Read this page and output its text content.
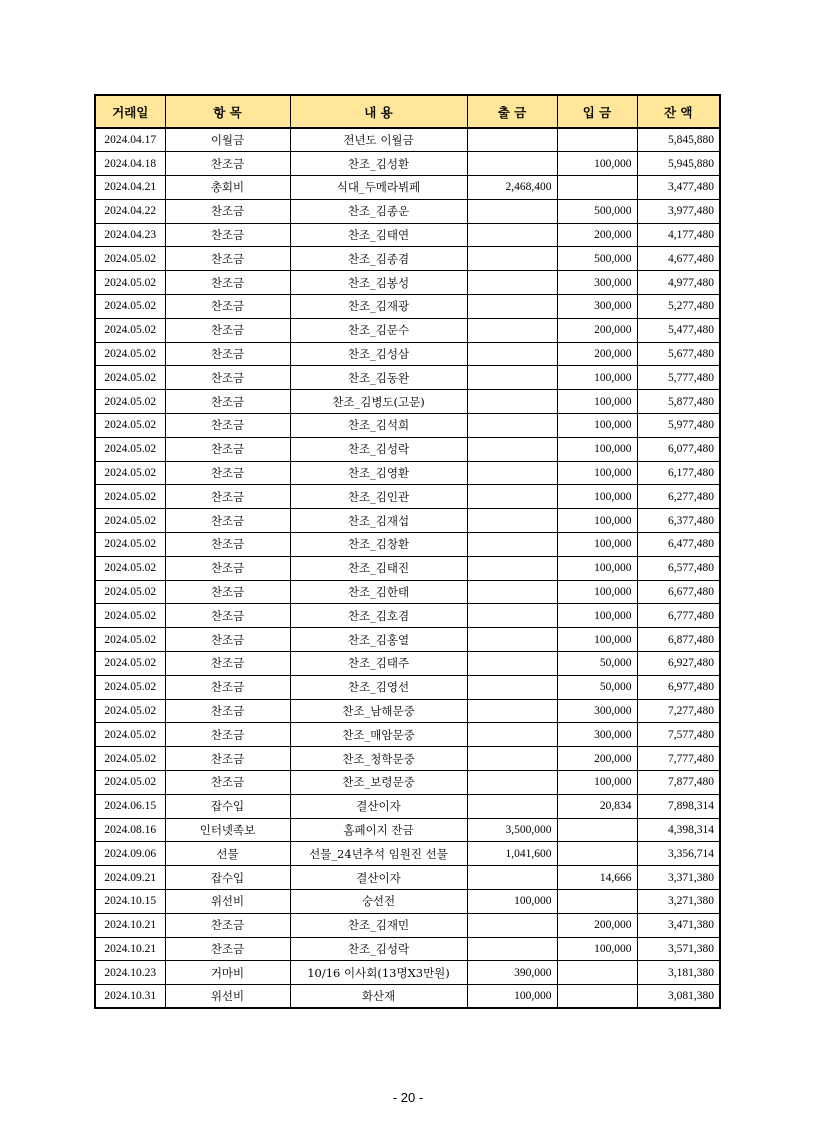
거래일	항 목	내 용	출 금	입 금	잔 액
2024.04.17	이월금	전년도 이월금			5,845,880
2024.04.18	찬조금	찬조_김성환		100,000	5,945,880
2024.04.21	총회비	식대_두메라뷔페	2,468,400		3,477,480
2024.04.22	찬조금	찬조_김종운		500,000	3,977,480
2024.04.23	찬조금	찬조_김태연		200,000	4,177,480
2024.05.02	찬조금	찬조_김종겸		500,000	4,677,480
2024.05.02	찬조금	찬조_김봉성		300,000	4,977,480
2024.05.02	찬조금	찬조_김재광		300,000	5,277,480
2024.05.02	찬조금	찬조_김문수		200,000	5,477,480
2024.05.02	찬조금	찬조_김성삼		200,000	5,677,480
2024.05.02	찬조금	찬조_김동완		100,000	5,777,480
2024.05.02	찬조금	찬조_김병도(고문)		100,000	5,877,480
2024.05.02	찬조금	찬조_김석희		100,000	5,977,480
2024.05.02	찬조금	찬조_김성락		100,000	6,077,480
2024.05.02	찬조금	찬조_김영환		100,000	6,177,480
2024.05.02	찬조금	찬조_김인관		100,000	6,277,480
2024.05.02	찬조금	찬조_김재섭		100,000	6,377,480
2024.05.02	찬조금	찬조_김창환		100,000	6,477,480
2024.05.02	찬조금	찬조_김태진		100,000	6,577,480
2024.05.02	찬조금	찬조_김한태		100,000	6,677,480
2024.05.02	찬조금	찬조_김호겸		100,000	6,777,480
2024.05.02	찬조금	찬조_김홍열		100,000	6,877,480
2024.05.02	찬조금	찬조_김태주		50,000	6,927,480
2024.05.02	찬조금	찬조_김영선		50,000	6,977,480
2024.05.02	찬조금	찬조_남해문중		300,000	7,277,480
2024.05.02	찬조금	찬조_매암문중		300,000	7,577,480
2024.05.02	찬조금	찬조_청학문중		200,000	7,777,480
2024.05.02	찬조금	찬조_보령문중		100,000	7,877,480
2024.06.15	잡수입	결산이자		20,834	7,898,314
2024.08.16	인터넷족보	홈페이지 잔금	3,500,000		4,398,314
2024.09.06	선물	선물_24년추석 임원진 선물	1,041,600		3,356,714
2024.09.21	잡수입	결산이자		14,666	3,371,380
2024.10.15	위선비	숭선전	100,000		3,271,380
2024.10.21	찬조금	찬조_김재민		200,000	3,471,380
2024.10.21	찬조금	찬조_김성락		100,000	3,571,380
2024.10.23	거마비	10/16 이사회(13명X3만원)	390,000		3,181,380
2024.10.31	위선비	화산재	100,000		3,081,380
- 20 -
